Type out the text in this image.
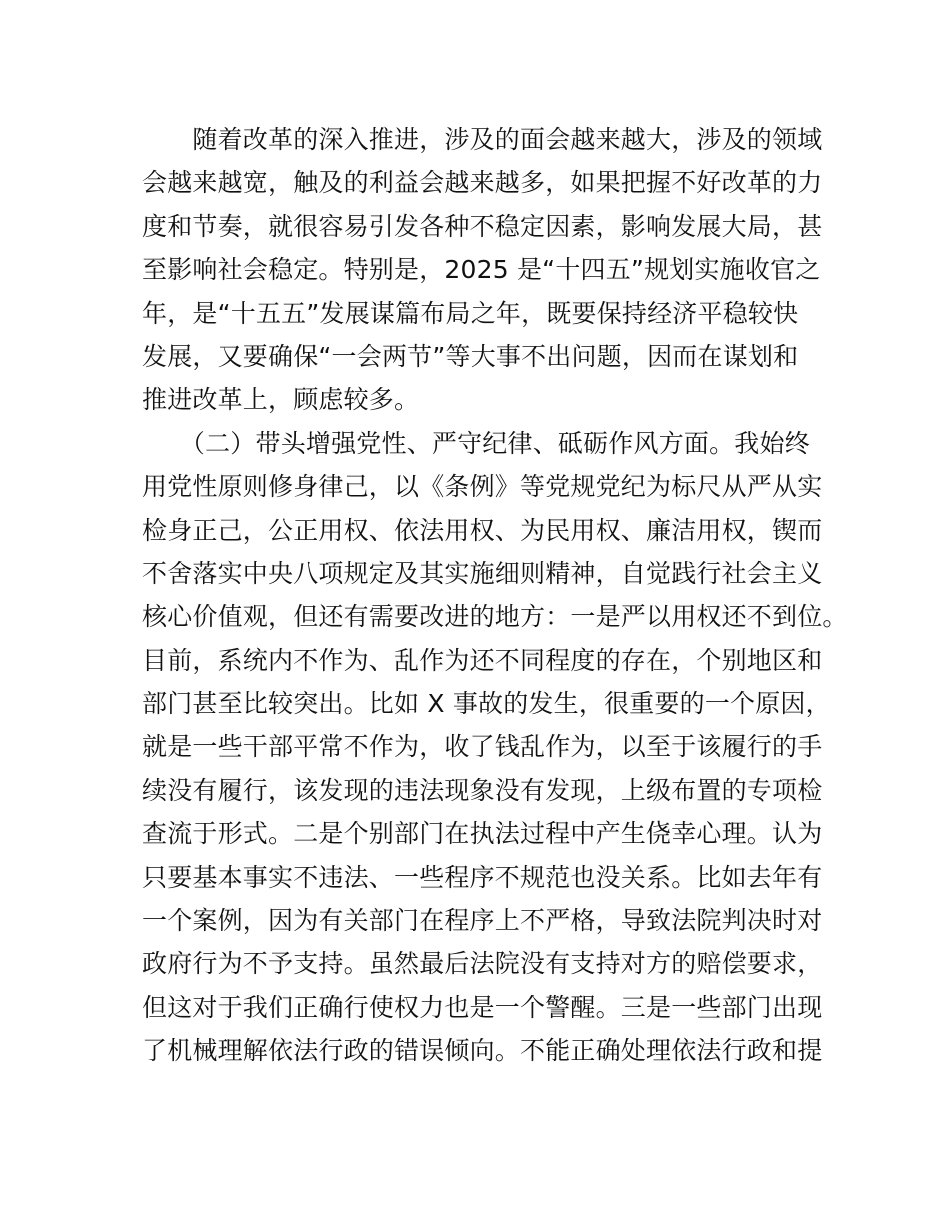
　　随着改革的深入推进，涉及的面会越来越大，涉及的领域
会越来越宽，触及的利益会越来越多，如果把握不好改革的力
度和节奏，就很容易引发各种不稳定因素，影响发展大局，甚
至影响社会稳定。特别是，2025 是“十四五”规划实施收官之
年，是“十五五”发展谋篇布局之年，既要保持经济平稳较快
发展，又要确保“一会两节”等大事不出问题，因而在谋划和
推进改革上，顾虑较多。
　　（二）带头增强党性、严守纪律、砥砺作风方面。我始终
用党性原则修身律己，以《条例》等党规党纪为标尺从严从实
检身正己，公正用权、依法用权、为民用权、廉洁用权，锲而
不舍落实中央八项规定及其实施细则精神，自觉践行社会主义
核心价值观，但还有需要改进的地方：一是严以用权还不到位。
目前，系统内不作为、乱作为还不同程度的存在，个别地区和
部门甚至比较突出。比如 X 事故的发生，很重要的一个原因，
就是一些干部平常不作为，收了钱乱作为，以至于该履行的手
续没有履行，该发现的违法现象没有发现，上级布置的专项检
查流于形式。二是个别部门在执法过程中产生侥幸心理。认为
只要基本事实不违法、一些程序不规范也没关系。比如去年有
一个案例，因为有关部门在程序上不严格，导致法院判决时对
政府行为不予支持。虽然最后法院没有支持对方的赔偿要求，
但这对于我们正确行使权力也是一个警醒。三是一些部门出现
了机械理解依法行政的错误倾向。不能正确处理依法行政和提
